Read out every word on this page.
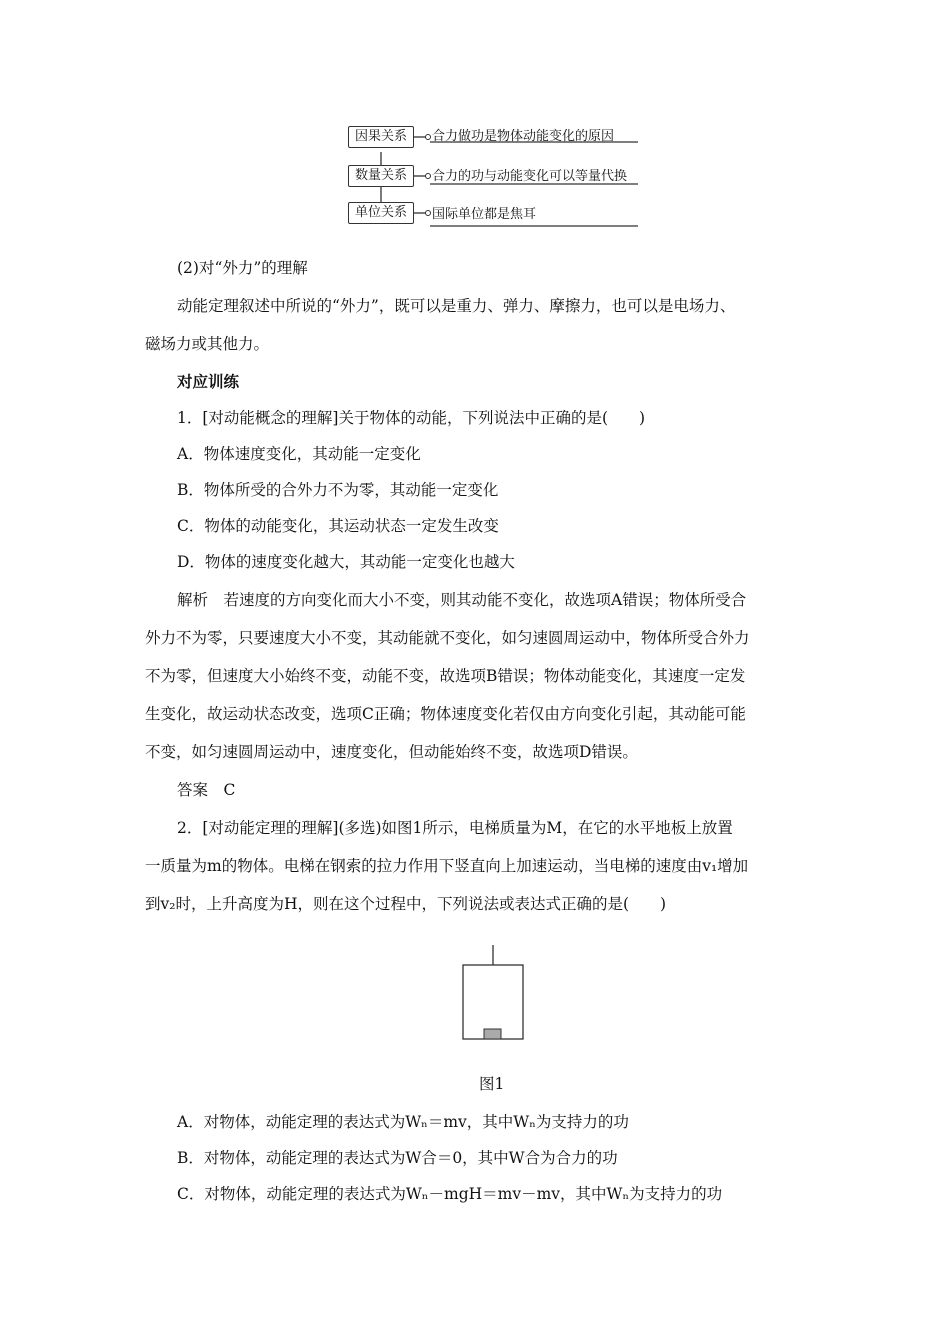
因果关系	合力做功是物体动能变化的原因
数量关系	合力的功与动能变化可以等量代换
单位关系	国际单位都是焦耳
(2)对“外力”的理解
动能定理叙述中所说的“外力”，既可以是重力、弹力、摩擦力，也可以是电场力、
磁场力或其他力。
对应训练
1．[对动能概念的理解]关于物体的动能，下列说法中正确的是(　　)
A．物体速度变化，其动能一定变化
B．物体所受的合外力不为零，其动能一定变化
C．物体的动能变化，其运动状态一定发生改变
D．物体的速度变化越大，其动能一定变化也越大
解析　若速度的方向变化而大小不变，则其动能不变化，故选项A错误；物体所受合
外力不为零，只要速度大小不变，其动能就不变化，如匀速圆周运动中，物体所受合外力
不为零，但速度大小始终不变，动能不变，故选项B错误；物体动能变化，其速度一定发
生变化，故运动状态改变，选项C正确；物体速度变化若仅由方向变化引起，其动能可能
不变，如匀速圆周运动中，速度变化，但动能始终不变，故选项D错误。
答案　C
2．[对动能定理的理解](多选)如图1所示，电梯质量为M，在它的水平地板上放置
一质量为m的物体。电梯在钢索的拉力作用下竖直向上加速运动，当电梯的速度由v₁增加
到v₂时，上升高度为H，则在这个过程中，下列说法或表达式正确的是(　　)
图1
A．对物体，动能定理的表达式为Wₙ＝mv，其中Wₙ为支持力的功
B．对物体，动能定理的表达式为W合＝0，其中W合为合力的功
C．对物体，动能定理的表达式为Wₙ－mgH＝mv－mv，其中Wₙ为支持力的功
